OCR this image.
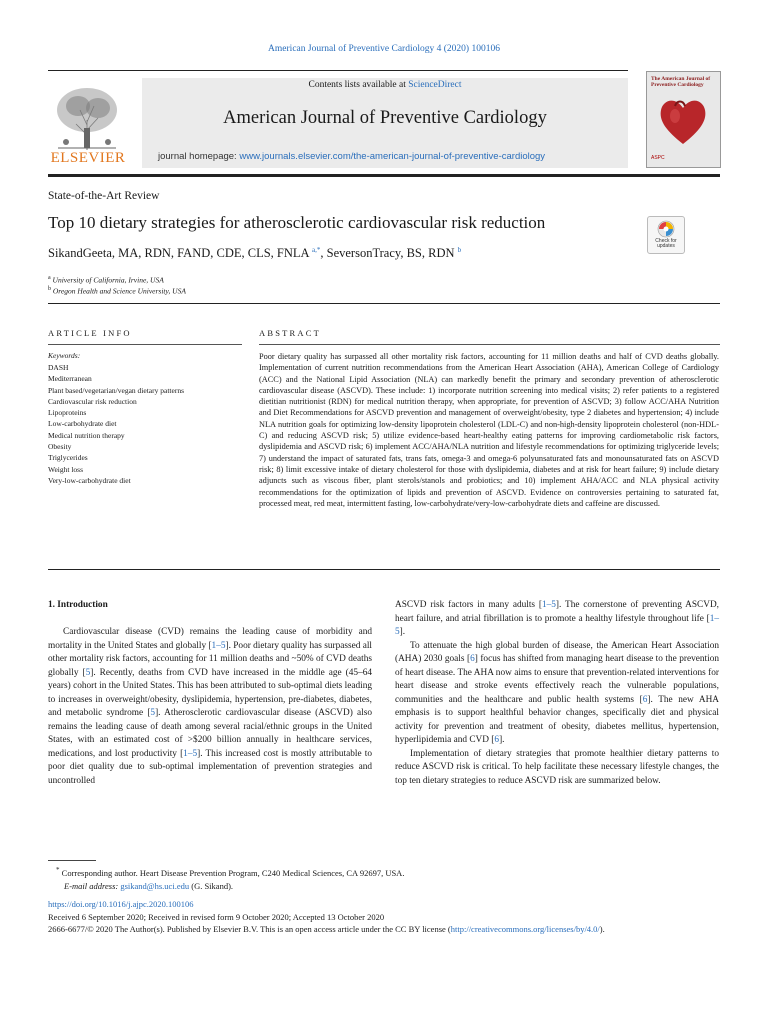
American Journal of Preventive Cardiology 4 (2020) 100106
ELSEVIER
Contents lists available at ScienceDirect
American Journal of Preventive Cardiology
journal homepage: www.journals.elsevier.com/the-american-journal-of-preventive-cardiology
The American Journal of Preventive Cardiology
ASPC
State-of-the-Art Review
Top 10 dietary strategies for atherosclerotic cardiovascular risk reduction
Check for updates
SikandGeeta, MA, RDN, FAND, CDE, CLS, FNLA $^{a,*}$, SeversonTracy, BS, RDN $^b$
$^a$ University of California, Irvine, USA
$^b$ Oregon Health and Science University, USA
ARTICLE INFO
Keywords:
DASH
Mediterranean
Plant based/vegetarian/vegan dietary patterns
Cardiovascular risk reduction
Lipoproteins
Low-carbohydrate diet
Medical nutrition therapy
Obesity
Triglycerides
Weight loss
Very-low-carbohydrate diet
ABSTRACT
Poor dietary quality has surpassed all other mortality risk factors, accounting for 11 million deaths and half of CVD deaths globally. Implementation of current nutrition recommendations from the American Heart Association (AHA), American College of Cardiology (ACC) and the National Lipid Association (NLA) can markedly benefit the primary and secondary prevention of atherosclerotic cardiovascular disease (ASCVD). These include: 1) incorporate nutrition screening into medical visits; 2) refer patients to a registered dietitian nutritionist (RDN) for medical nutrition therapy, when appropriate, for prevention of ASCVD; 3) follow ACC/AHA Nutrition and Diet Recommendations for ASCVD prevention and management of overweight/obesity, type 2 diabetes and hypertension; 4) include NLA nutrition goals for optimizing low-density lipoprotein cholesterol (LDL-C) and non-high-density lipoprotein cholesterol (non-HDL-C) and reducing ASCVD risk; 5) utilize evidence-based heart-healthy eating patterns for improving cardiometabolic risk factors, dyslipidemia and ASCVD risk; 6) implement ACC/AHA/NLA nutrition and lifestyle recommendations for optimizing triglyceride levels; 7) understand the impact of saturated fats, trans fats, omega-3 and omega-6 polyunsaturated fats and monounsaturated fats on ASCVD risk; 8) limit excessive intake of dietary cholesterol for those with dyslipidemia, diabetes and at risk for heart failure; 9) include dietary adjuncts such as viscous fiber, plant sterols/stanols and probiotics; and 10) implement AHA/ACC and NLA physical activity recommendations for the optimization of lipids and prevention of ASCVD. Evidence on controversies pertaining to saturated fat, processed meat, red meat, intermittent fasting, low-carbohydrate/very-low-carbohydrate diets and caffeine are discussed.
1. Introduction

Cardiovascular disease (CVD) remains the leading cause of morbidity and mortality in the United States and globally [1–5]. Poor dietary quality has surpassed all other mortality risk factors, accounting for 11 million deaths and ~50% of CVD deaths globally [5]. Recently, deaths from CVD have increased in the middle age (45–64 years) cohort in the United States. This has been attributed to sub-optimal diets leading to increases in overweight/obesity, dyslipidemia, hypertension, pre-diabetes, diabetes, and metabolic syndrome [5]. Atherosclerotic cardiovascular disease (ASCVD) also remains the leading cause of death among several racial/ethnic groups in the United States, with an estimated cost of >$200 billion annually in healthcare services, medications, and lost productivity [1–5]. This increased cost is mostly attributable to poor diet quality due to sub-optimal implementation of prevention strategies and uncontrolled

ASCVD risk factors in many adults [1–5]. The cornerstone of preventing ASCVD, heart failure, and atrial fibrillation is to promote a healthy lifestyle throughout life [1–5].

To attenuate the high global burden of disease, the American Heart Association (AHA) 2030 goals [6] focus has shifted from managing heart disease to the prevention of heart disease. The AHA now aims to ensure that prevention-related interventions for heart disease and stroke events effectively reach the vulnerable populations, communities and the healthcare and public health systems [6]. The new AHA emphasis is to support healthful behavior changes, specifically diet and physical activity for prevention and treatment of obesity, diabetes mellitus, hypertension, hyperlipidemia and CVD [6].

Implementation of dietary strategies that promote healthier dietary patterns to reduce ASCVD risk is critical. To help facilitate these necessary lifestyle changes, the top ten dietary strategies to reduce ASCVD risk are summarized below.

* Corresponding author. Heart Disease Prevention Program, C240 Medical Sciences, CA 92697, USA.
E-mail address: gsikand@hs.uci.edu (G. Sikand).
https://doi.org/10.1016/j.ajpc.2020.100106
Received 6 September 2020; Received in revised form 9 October 2020; Accepted 13 October 2020
2666-6677/© 2020 The Author(s). Published by Elsevier B.V. This is an open access article under the CC BY license (http://creativecommons.org/licenses/by/4.0/).
